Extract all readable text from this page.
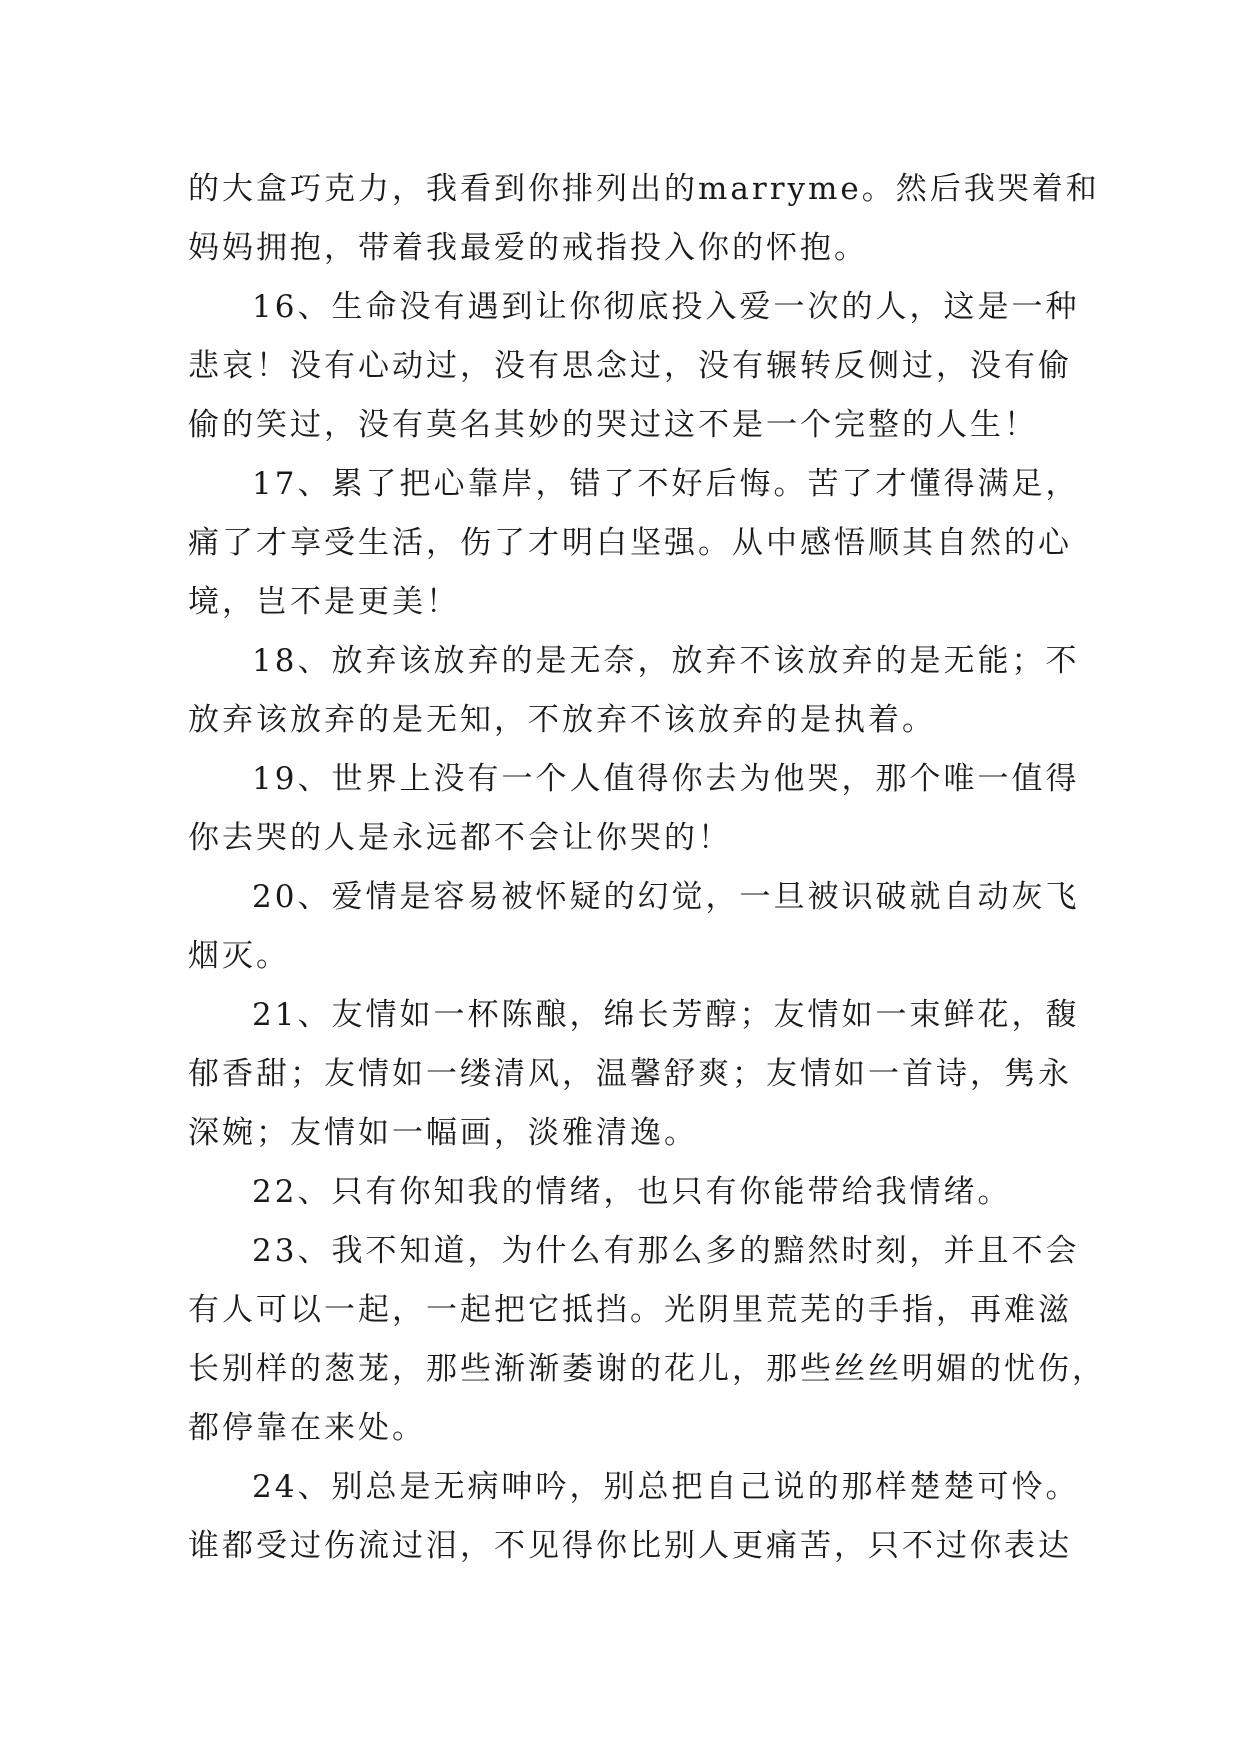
的大盒巧克力，我看到你排列出的marryme。然后我哭着和
妈妈拥抱，带着我最爱的戒指投入你的怀抱。
16、生命没有遇到让你彻底投入爱一次的人，这是一种
悲哀！没有心动过，没有思念过，没有辗转反侧过，没有偷
偷的笑过，没有莫名其妙的哭过这不是一个完整的人生！
17、累了把心靠岸，错了不好后悔。苦了才懂得满足，
痛了才享受生活，伤了才明白坚强。从中感悟顺其自然的心
境，岂不是更美！
18、放弃该放弃的是无奈，放弃不该放弃的是无能；不
放弃该放弃的是无知，不放弃不该放弃的是执着。
19、世界上没有一个人值得你去为他哭，那个唯一值得
你去哭的人是永远都不会让你哭的！
20、爱情是容易被怀疑的幻觉，一旦被识破就自动灰飞
烟灭。
21、友情如一杯陈酿，绵长芳醇；友情如一束鲜花，馥
郁香甜；友情如一缕清风，温馨舒爽；友情如一首诗，隽永
深婉；友情如一幅画，淡雅清逸。
22、只有你知我的情绪，也只有你能带给我情绪。
23、我不知道，为什么有那么多的黯然时刻，并且不会
有人可以一起，一起把它抵挡。光阴里荒芜的手指，再难滋
长别样的葱茏，那些渐渐萎谢的花儿，那些丝丝明媚的忧伤，
都停靠在来处。
24、别总是无病呻吟，别总把自己说的那样楚楚可怜。
谁都受过伤流过泪，不见得你比别人更痛苦，只不过你表达
